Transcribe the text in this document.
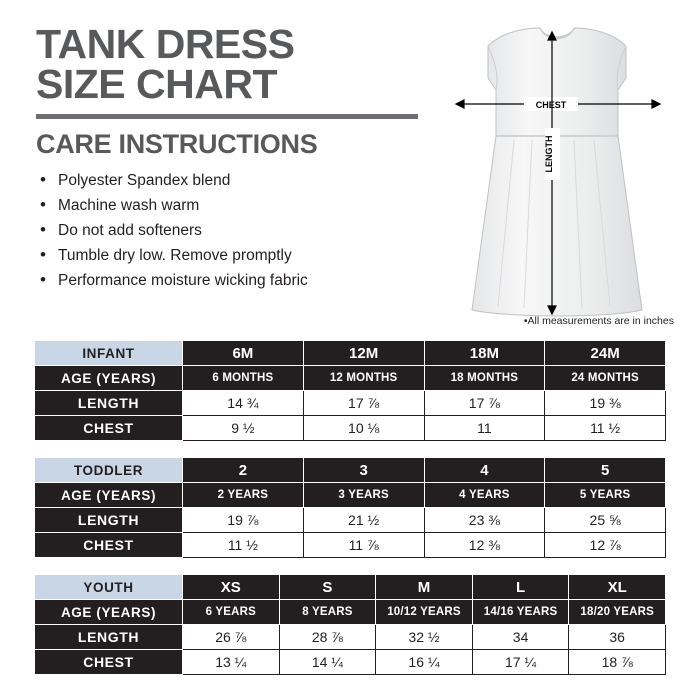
TANK DRESS
SIZE CHART
CARE INSTRUCTIONS
• Polyester Spandex blend
• Machine wash warm
• Do not add softeners
• Tumble dry low. Remove promptly
• Performance moisture wicking fabric
CHEST
LENGTH
•All measurements are in inches
INFANT	6M	12M	18M	24M
AGE (YEARS)	6 MONTHS	12 MONTHS	18 MONTHS	24 MONTHS
LENGTH	14 ¾	17 ⅞	17 ⅞	19 ⅜
CHEST	9 ½	10 ⅛	11	11 ½
TODDLER	2	3	4	5
AGE (YEARS)	2 YEARS	3 YEARS	4 YEARS	5 YEARS
LENGTH	19 ⅞	21 ½	23 ⅜	25 ⅝
CHEST	11 ½	11 ⅞	12 ⅜	12 ⅞
YOUTH	XS	S	M	L	XL
AGE (YEARS)	6 YEARS	8 YEARS	10/12 YEARS	14/16 YEARS	18/20 YEARS
LENGTH	26 ⅞	28 ⅞	32 ½	34	36
CHEST	13 ¼	14 ¼	16 ¼	17 ¼	18 ⅞
